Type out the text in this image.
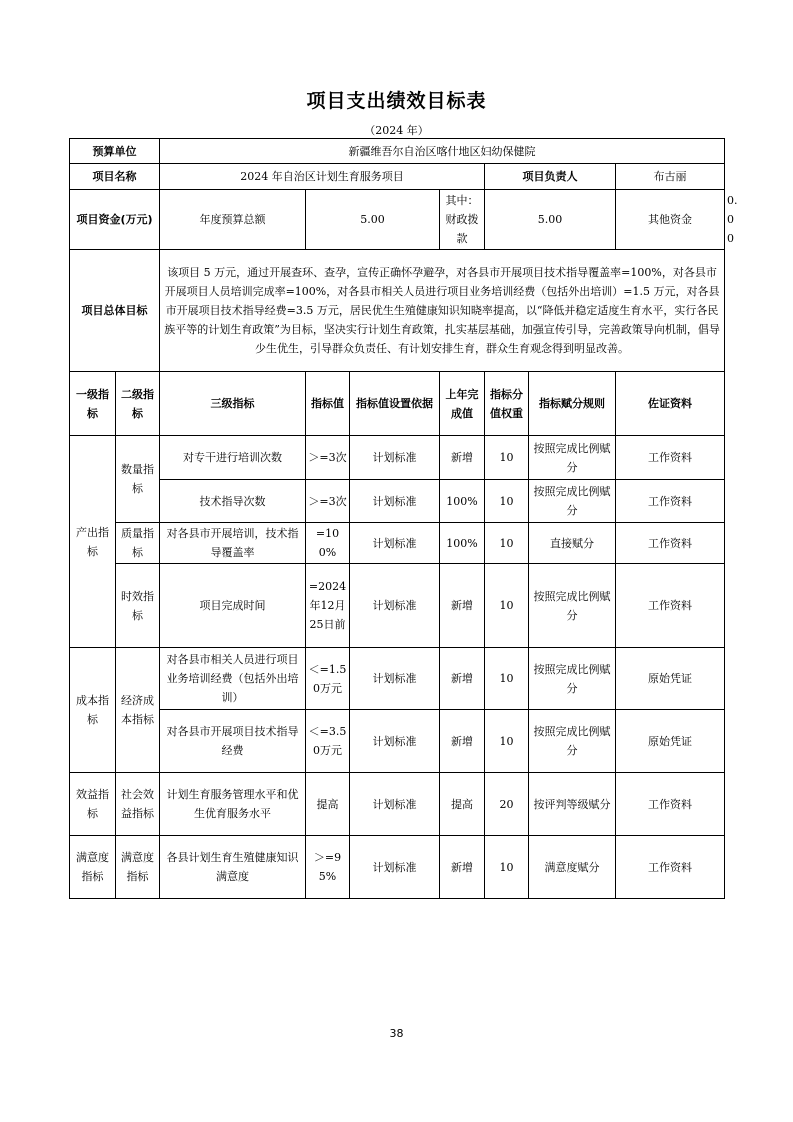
项目支出绩效目标表
（2024 年）
预算单位		新疆维吾尔自治区喀什地区妇幼保健院							
项目名称		2024 年自治区计划生育服务项目				项目负责人		布古丽	
项目资金(万元)		年度预算总额	5.00		其中：财政拨款	5.00		其他资金	0.00
项目总体目标		该项目 5 万元，通过开展查环、查孕，宣传正确怀孕避孕，对各县市开展项目技术指导覆盖率=100%，对各县市开展项目人员培训完成率=100%，对各县市相关人员进行项目业务培训经费（包括外出培训）=1.5 万元，对各县市开展项目技术指导经费=3.5 万元，居民优生生殖健康知识知晓率提高，以“降低并稳定适度生育水平，实行各民族平等的计划生育政策”为目标，坚决实行计划生育政策，扎实基层基础，加强宣传引导，完善政策导向机制，倡导少生优生，引导群众负责任、有计划安排生育，群众生育观念得到明显改善。							
一级指标	二级指标	三级指标	指标值	指标值设置依据	上年完成值	指标分值权重	指标赋分规则	佐证资料	
产出指标	数量指标	对专干进行培训次数	＞=3次	计划标准	新增	10	按照完成比例赋分	工作资料	
		技术指导次数	＞=3次	计划标准	100%	10	按照完成比例赋分	工作资料	
	质量指标	对各县市开展培训，技术指导覆盖率	=100%	计划标准	100%	10	直接赋分	工作资料	
	时效指标	项目完成时间	=2024年12月25日前	计划标准	新增	10	按照完成比例赋分	工作资料	

成本指标	经济成本指标	对各县市相关人员进行项目业务培训经费（包括外出培训）	＜=1.50万元	计划标准	新增	10	按照完成比例赋分	原始凭证	
		对各县市开展项目技术指导经费	＜=3.50万元	计划标准	新增	10	按照完成比例赋分	原始凭证	
效益指标	社会效益指标	计划生育服务管理水平和优生优育服务水平	提高	计划标准	提高	20	按评判等级赋分	工作资料	
满意度指标	满意度指标	各县计划生育生殖健康知识满意度	＞=95%	计划标准	新增	10	满意度赋分	工作资料	
38
